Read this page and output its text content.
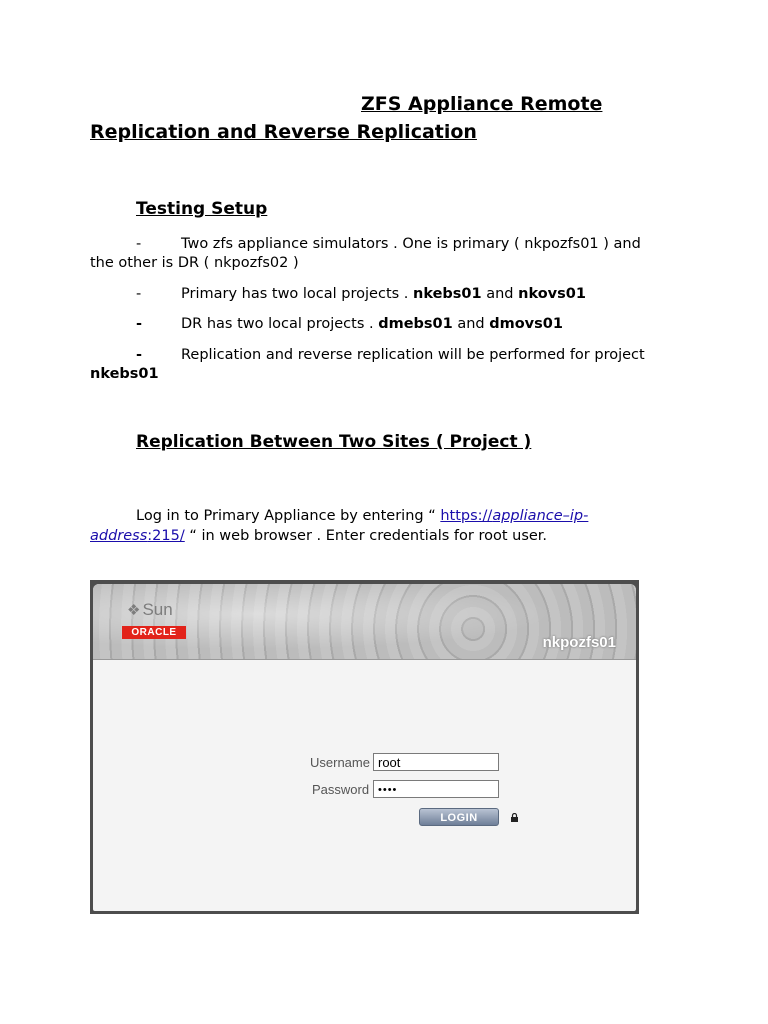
ZFS Appliance Remote
Replication and Reverse Replication
Testing Setup
-	Two zfs appliance simulators . One is primary ( nkpozfs01 ) and
the other is DR ( nkpozfs02 )
-	Primary has two local projects . nkebs01 and nkovs01
-	DR has two local projects . dmebs01 and dmovs01
-	Replication and reverse replication will be performed for project
nkebs01
Replication Between Two Sites ( Project )
Log in to Primary Appliance by entering “ https://appliance–ip-
address:215/ “ in web browser . Enter credentials for root user.
❖ Sun
ORACLE
nkpozfs01
Username root
Password ••••
LOGIN
